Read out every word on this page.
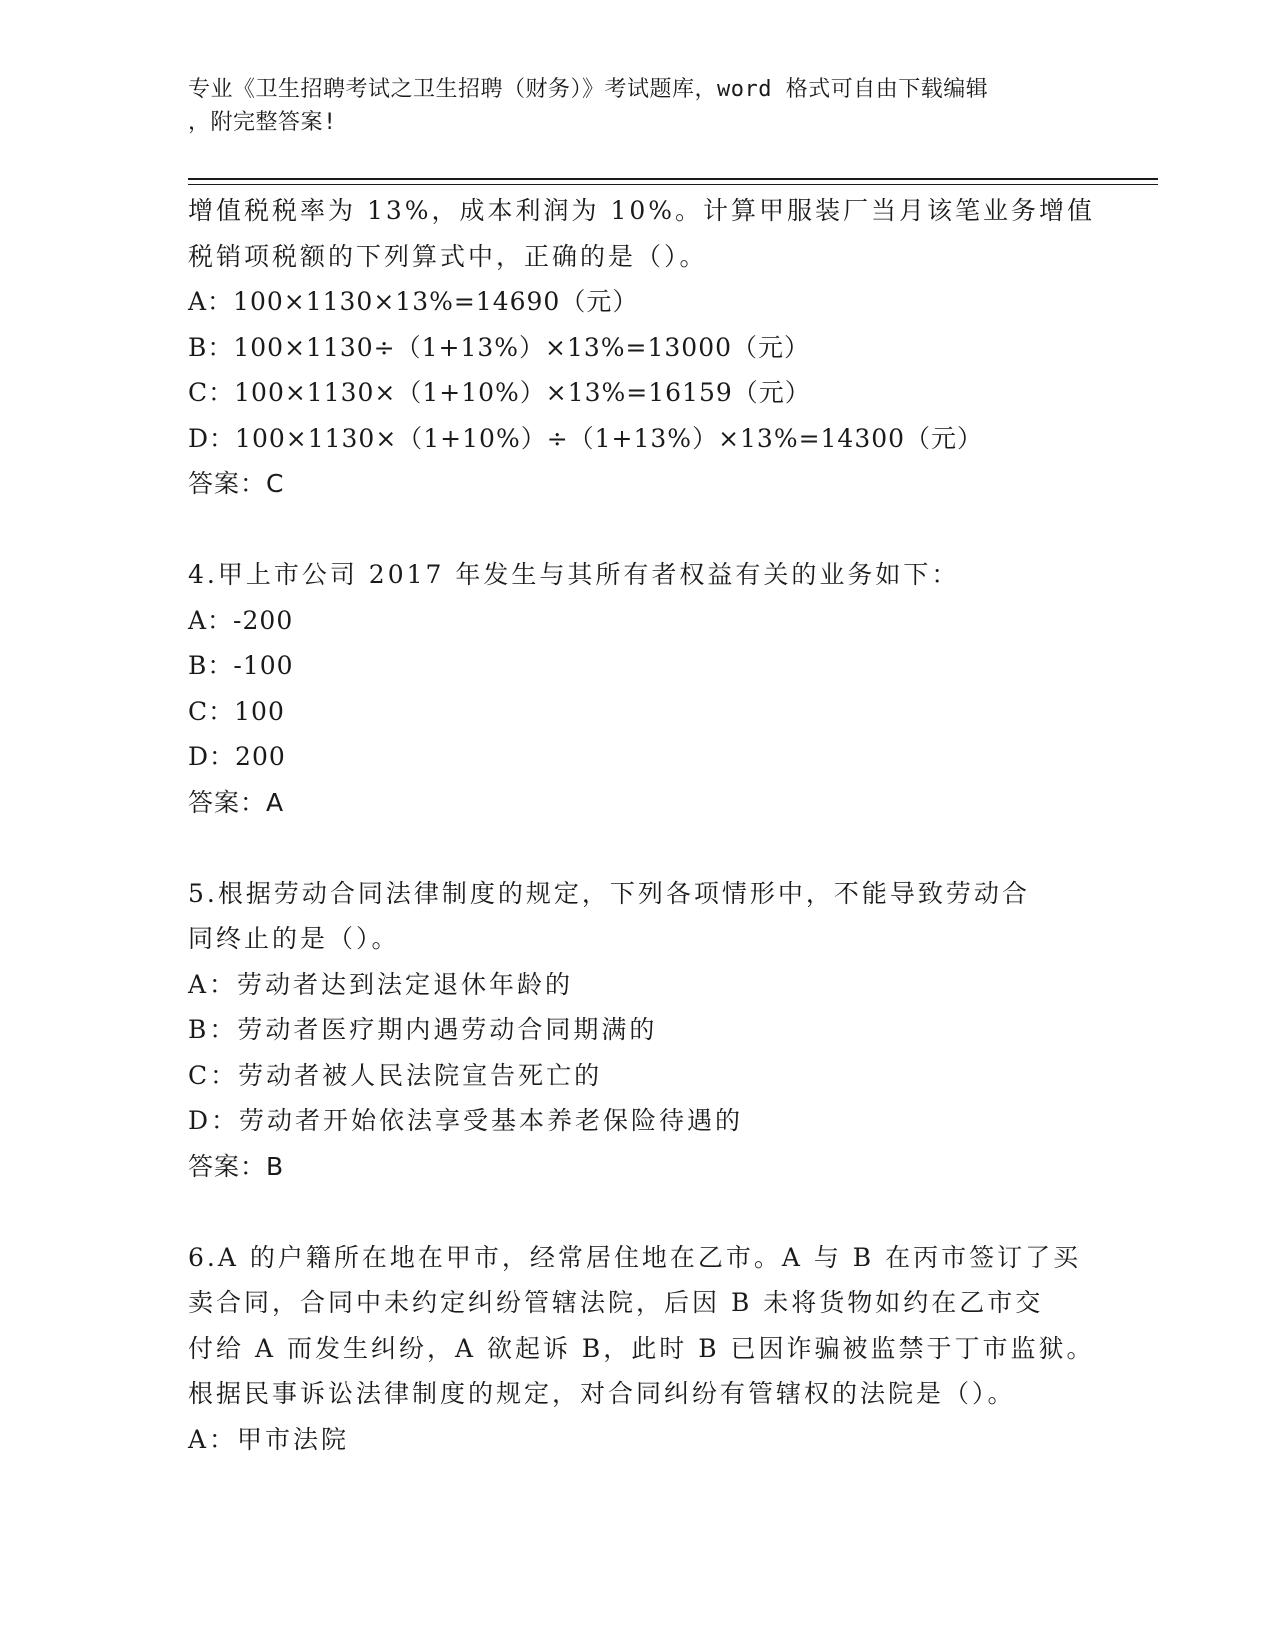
专业《卫生招聘考试之卫生招聘（财务）》考试题库，word 格式可自由下载编辑
，附完整答案!
增值税税率为 13%，成本利润为 10%。计算甲服装厂当月该笔业务增值
税销项税额的下列算式中，正确的是（）。
A：100×1130×13%=14690（元）
B：100×1130÷（1+13%）×13%=13000（元）
C：100×1130×（1+10%）×13%=16159（元）
D：100×1130×（1+10%）÷（1+13%）×13%=14300（元）
答案：C
4.甲上市公司 2017 年发生与其所有者权益有关的业务如下：
A：-200
B：-100
C：100
D：200
答案：A
5.根据劳动合同法律制度的规定，下列各项情形中，不能导致劳动合
同终止的是（）。
A：劳动者达到法定退休年龄的
B：劳动者医疗期内遇劳动合同期满的
C：劳动者被人民法院宣告死亡的
D：劳动者开始依法享受基本养老保险待遇的
答案：B
6.A 的户籍所在地在甲市，经常居住地在乙市。A 与 B 在丙市签订了买
卖合同，合同中未约定纠纷管辖法院，后因 B 未将货物如约在乙市交
付给 A 而发生纠纷，A 欲起诉 B，此时 B 已因诈骗被监禁于丁市监狱。
根据民事诉讼法律制度的规定，对合同纠纷有管辖权的法院是（）。
A：甲市法院
